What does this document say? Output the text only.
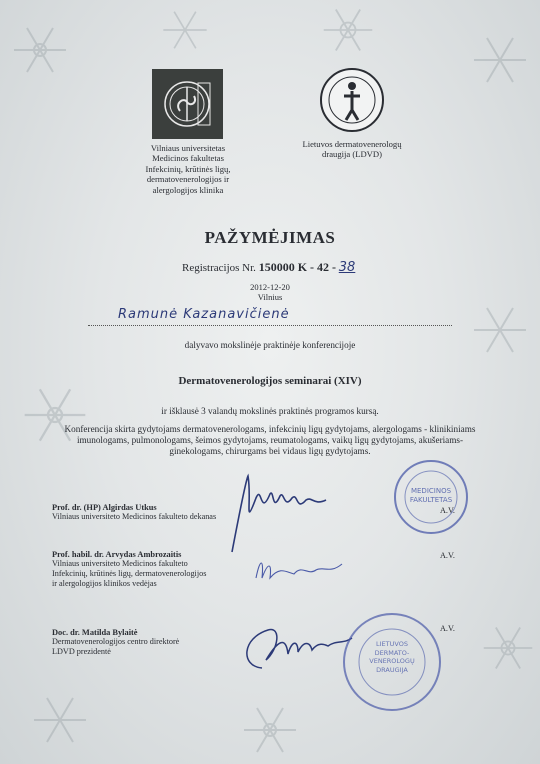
Vilniaus universitetas
Medicinos fakultetas
Infekcinių, krūtinės ligų,
dermatovenerologijos ir
alergologijos klinika
Lietuvos dermatovenerologų
draugija (LDVD)
PAŽYMĖJIMAS
Registracijos Nr. 150000 K - 42 - 38
2012-12-20
Vilnius
Ramunė Kazanavičienė
dalyvavo mokslinėje praktinėje konferencijoje
Dermatovenerologijos seminarai (XIV)
ir išklausė 3 valandų mokslinės praktinės programos kursą.
Konferencija skirta gydytojams dermatovenerologams, infekcinių ligų gydytojams, alergologams - klinikiniams
imunologams, pulmonologams, šeimos gydytojams, reumatologams, vaikų ligų gydytojams, akušeriams-
ginekologams, chirurgams bei vidaus ligų gydytojams.
Prof. dr. (HP) Algirdas Utkus
Vilniaus universiteto Medicinos fakulteto dekanas
A.V.
MEDICINOS
FAKULTETAS
Prof. habil. dr. Arvydas Ambrozaitis
Vilniaus universiteto Medicinos fakulteto
Infekcinių, krūtinės ligų, dermatovenerologijos
ir alergologijos klinikos vedėjas
A.V.
Doc. dr. Matilda Bylaitė
Dermatovenerologijos centro direktorė
LDVD prezidentė
A.V.
LIETUVOS
DERMATO-
VENEROLOGŲ
DRAUGIJA
